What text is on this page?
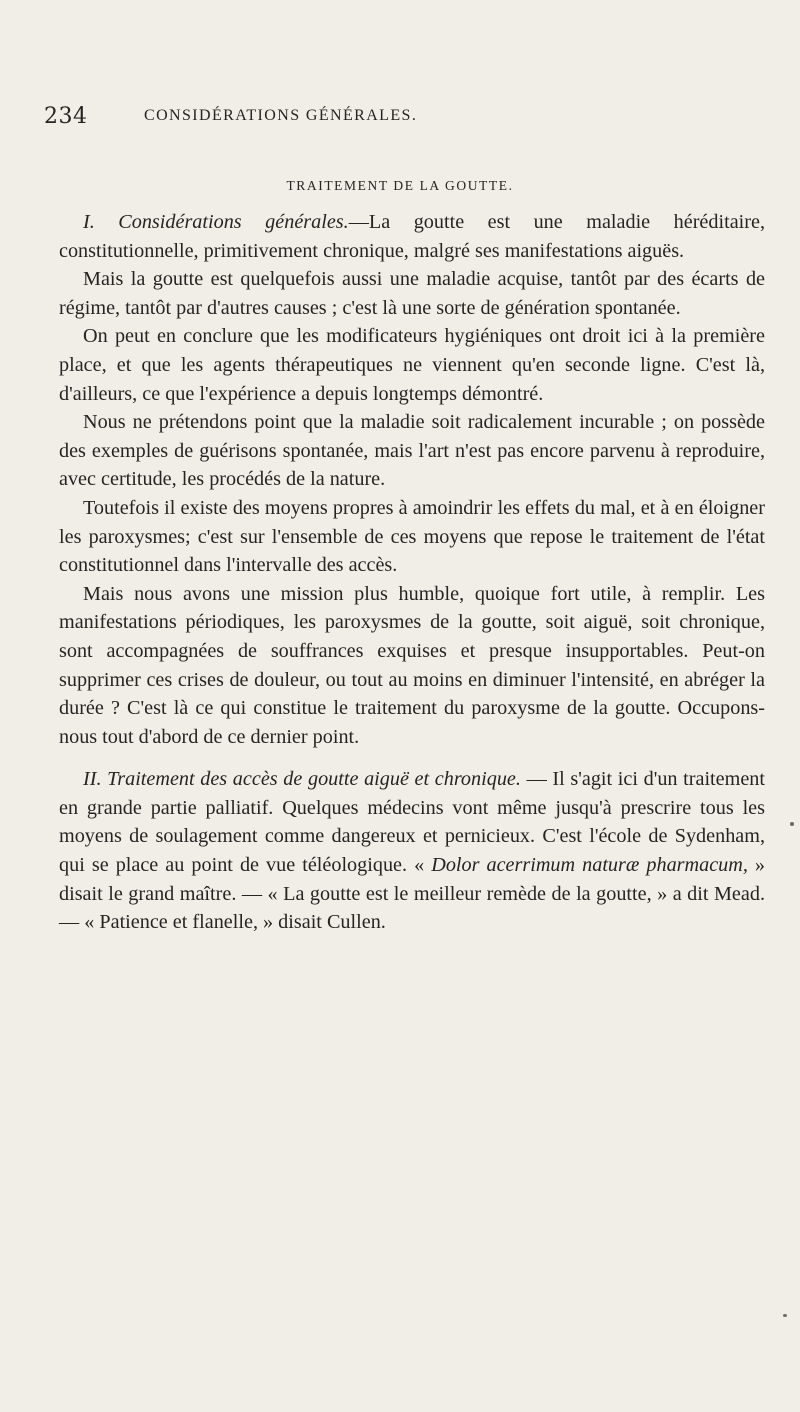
234	CONSIDÉRATIONS GÉNÉRALES.
TRAITEMENT DE LA GOUTTE.

I. Considérations générales.—La goutte est une maladie héréditaire, constitutionnelle, primitivement chronique, malgré ses manifestations aiguës.

Mais la goutte est quelquefois aussi une maladie acquise, tantôt par des écarts de régime, tantôt par d'autres causes ; c'est là une sorte de génération spontanée.

On peut en conclure que les modificateurs hygiéniques ont droit ici à la première place, et que les agents thérapeutiques ne viennent qu'en seconde ligne. C'est là, d'ailleurs, ce que l'expérience a depuis longtemps démontré.

Nous ne prétendons point que la maladie soit radicalement incurable ; on possède des exemples de guérisons spontanée, mais l'art n'est pas encore parvenu à reproduire, avec certitude, les procédés de la nature.

Toutefois il existe des moyens propres à amoindrir les effets du mal, et à en éloigner les paroxysmes; c'est sur l'ensemble de ces moyens que repose le traitement de l'état constitutionnel dans l'intervalle des accès.

Mais nous avons une mission plus humble, quoique fort utile, à remplir. Les manifestations périodiques, les paroxysmes de la goutte, soit aiguë, soit chronique, sont accompagnées de souffrances exquises et presque insupportables. Peut-on supprimer ces crises de douleur, ou tout au moins en diminuer l'intensité, en abréger la durée ? C'est là ce qui constitue le traitement du paroxysme de la goutte. Occupons-nous tout d'abord de ce dernier point.

II. Traitement des accès de goutte aiguë et chronique. — Il s'agit ici d'un traitement en grande partie palliatif. Quelques médecins vont même jusqu'à prescrire tous les moyens de soulagement comme dangereux et pernicieux. C'est l'école de Sydenham, qui se place au point de vue téléologique. « Dolor acerrimum naturæ pharmacum, » disait le grand maître. — « La goutte est le meilleur remède de la goutte, » a dit Mead. — « Patience et flanelle, » disait Cullen.
